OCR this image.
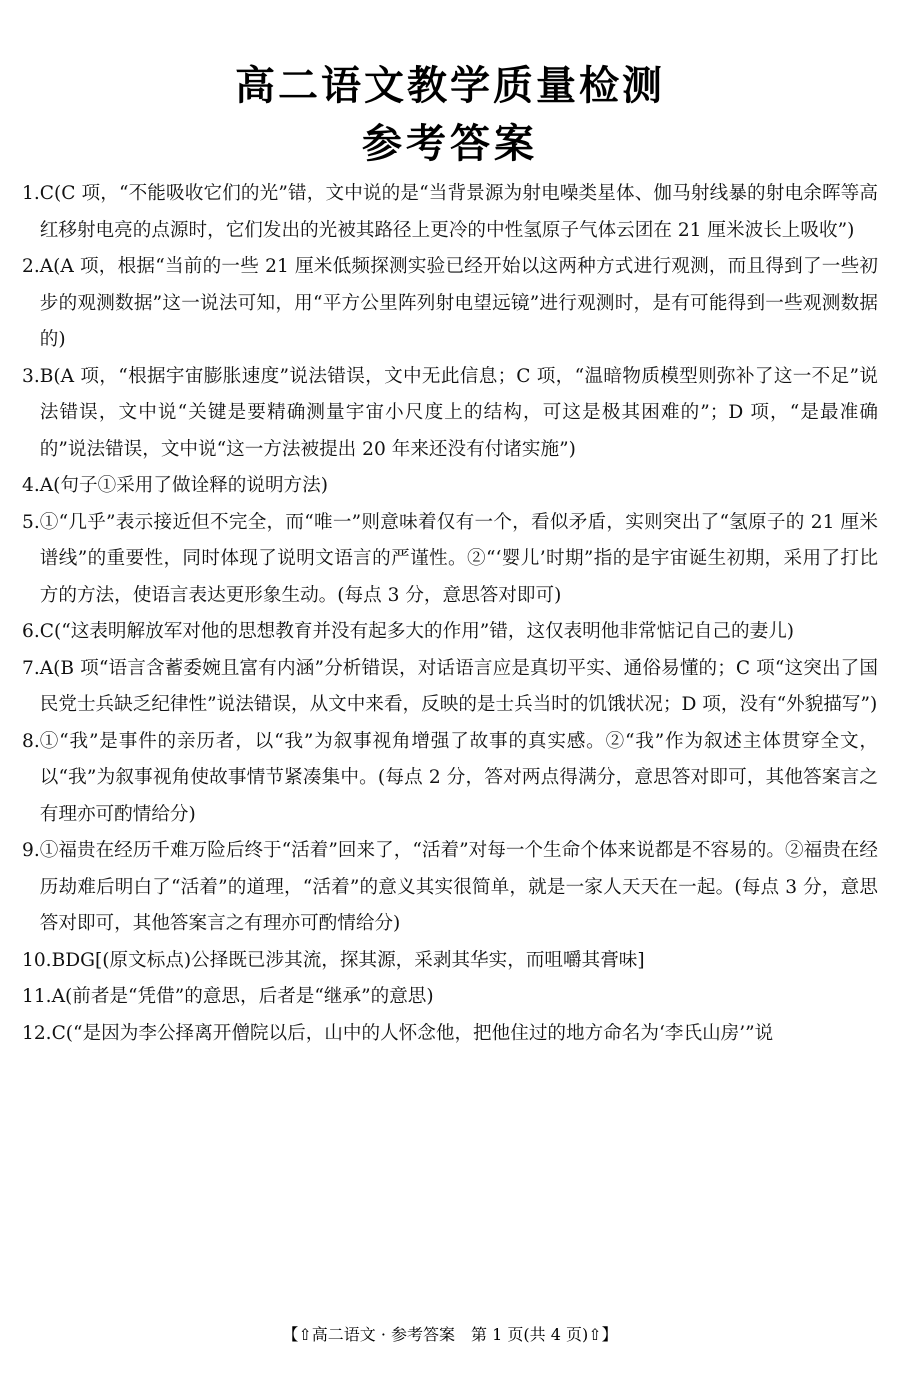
高二语文教学质量检测
参考答案
1. C(C 项，“不能吸收它们的光”错，文中说的是“当背景源为射电噪类星体、伽马射线暴的射电余晖等高红移射电亮的点源时，它们发出的光被其路径上更冷的中性氢原子气体云团在 21 厘米波长上吸收”)
2. A(A 项，根据“当前的一些 21 厘米低频探测实验已经开始以这两种方式进行观测，而且得到了一些初步的观测数据”这一说法可知，用“平方公里阵列射电望远镜”进行观测时，是有可能得到一些观测数据的)
3. B(A 项，“根据宇宙膨胀速度”说法错误，文中无此信息；C 项，“温暗物质模型则弥补了这一不足”说法错误，文中说“关键是要精确测量宇宙小尺度上的结构，可这是极其困难的”；D 项，“是最准确的”说法错误，文中说“这一方法被提出 20 年来还没有付诸实施”)
4. A(句子①采用了做诠释的说明方法)
5. ①“几乎”表示接近但不完全，而“唯一”则意味着仅有一个，看似矛盾，实则突出了“氢原子的 21 厘米谱线”的重要性，同时体现了说明文语言的严谨性。②“‘婴儿’时期”指的是宇宙诞生初期，采用了打比方的方法，使语言表达更形象生动。(每点 3 分，意思答对即可)
6. C(“这表明解放军对他的思想教育并没有起多大的作用”错，这仅表明他非常惦记自己的妻儿)
7. A(B 项“语言含蓄委婉且富有内涵”分析错误，对话语言应是真切平实、通俗易懂的；C 项“这突出了国民党士兵缺乏纪律性”说法错误，从文中来看，反映的是士兵当时的饥饿状况；D 项，没有“外貌描写”)
8. ①“我”是事件的亲历者，以“我”为叙事视角增强了故事的真实感。②“我”作为叙述主体贯穿全文，以“我”为叙事视角使故事情节紧凑集中。(每点 2 分，答对两点得满分，意思答对即可，其他答案言之有理亦可酌情给分)
9. ①福贵在经历千难万险后终于“活着”回来了，“活着”对每一个生命个体来说都是不容易的。②福贵在经历劫难后明白了“活着”的道理，“活着”的意义其实很简单，就是一家人天天在一起。(每点 3 分，意思答对即可，其他答案言之有理亦可酌情给分)
10. BDG[(原文标点)公择既已涉其流，探其源，采剥其华实，而咀嚼其膏味]
11. A(前者是“凭借”的意思，后者是“继承”的意思)
12. C(“是因为李公择离开僧院以后，山中的人怀念他，把他住过的地方命名为‘李氏山房’”说
【⇧高二语文 · 参考答案　第 1 页(共 4 页)⇧】
